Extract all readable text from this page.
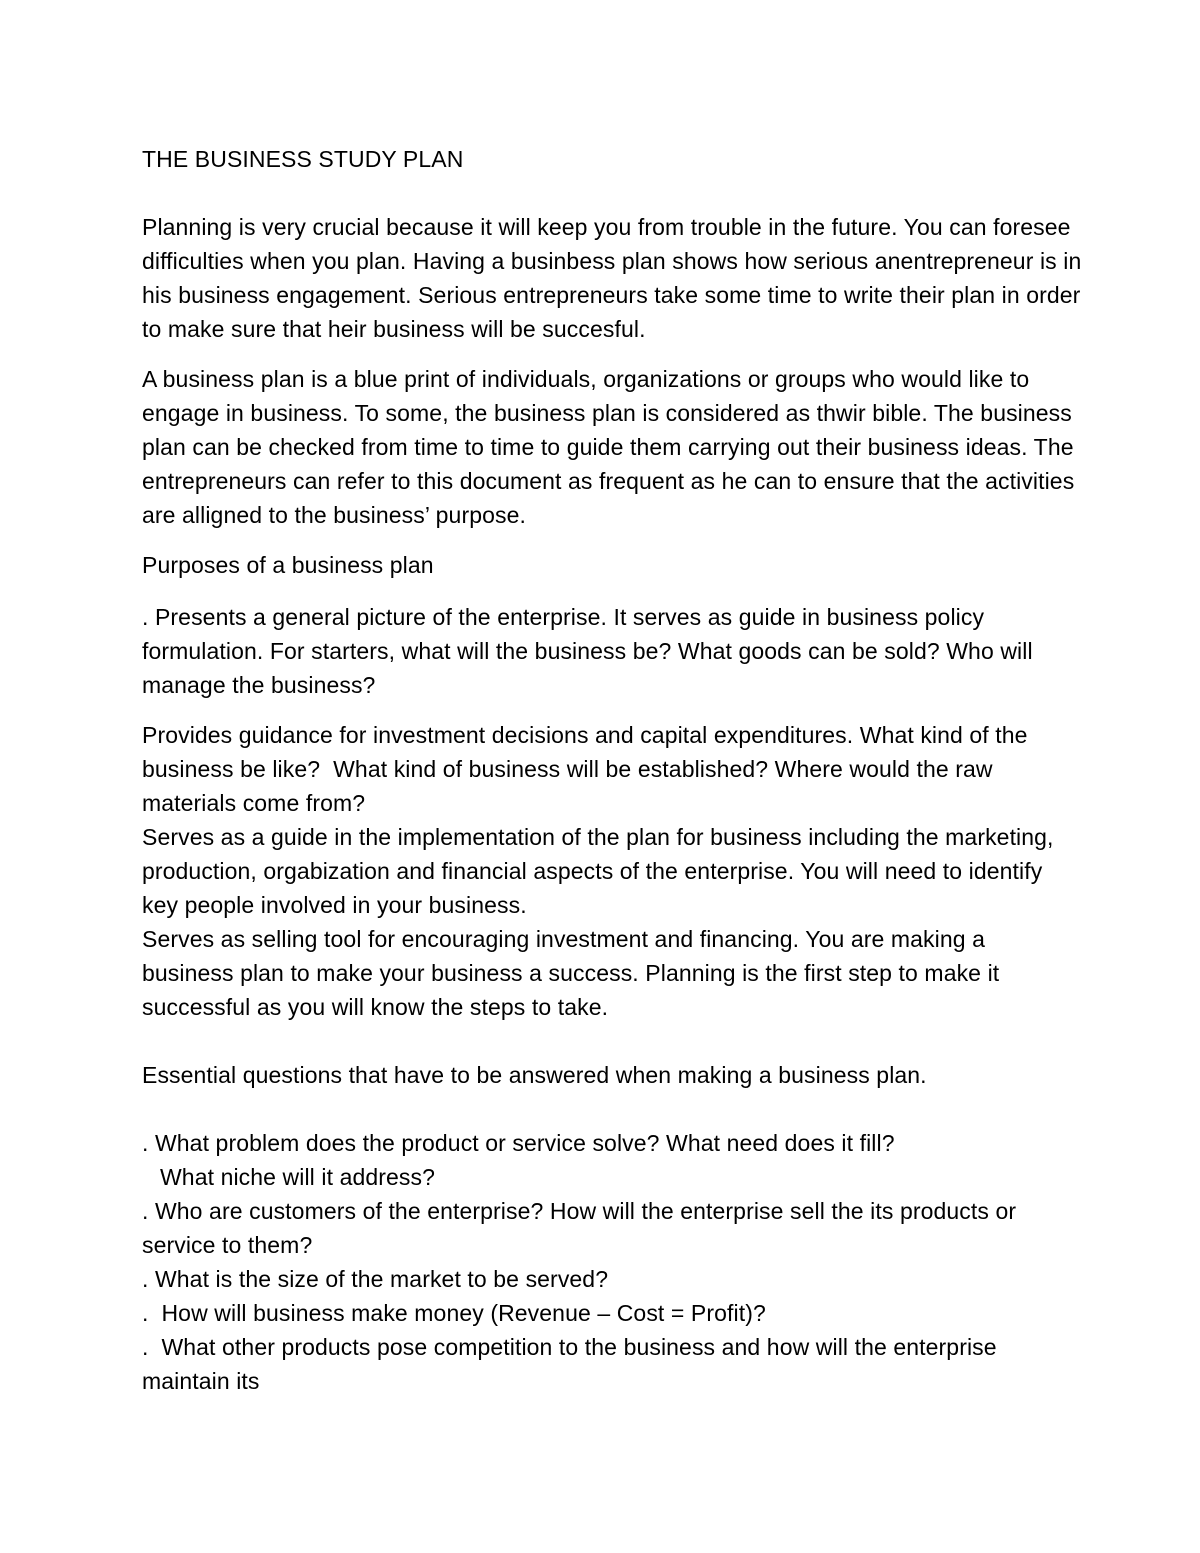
THE BUSINESS STUDY PLAN

Planning is very crucial because it will keep you from trouble in the future. You can foresee difficulties when you plan. Having a businbess plan shows how serious anentrepreneur is in his business engagement. Serious entrepreneurs take some time to write their plan in order to make sure that heir business will be succesful.

A business plan is a blue print of individuals, organizations or groups who would like to engage in business. To some, the business plan is considered as thwir bible. The business plan can be checked from time to time to guide them carrying out their business ideas. The entrepreneurs can refer to this document as frequent as he can to ensure that the activities are alligned to the business’ purpose.

Purposes of a business plan

. Presents a general picture of the enterprise. It serves as guide in business policy formulation. For starters, what will the business be? What goods can be sold? Who will manage the business?

Provides guidance for investment decisions and capital expenditures. What kind of the business be like?  What kind of business will be established? Where would the raw materials come from?

Serves as a guide in the implementation of the plan for business including the marketing, production, orgabization and financial aspects of the enterprise. You will need to identify key people involved in your business.

Serves as selling tool for encouraging investment and financing. You are making a business plan to make your business a success. Planning is the first step to make it successful as you will know the steps to take.

Essential questions that have to be answered when making a business plan.

. What problem does the product or service solve? What need does it fill?

What niche will it address?

. Who are customers of the enterprise? How will the enterprise sell the its products or service to them?

. What is the size of the market to be served?

.  How will business make money (Revenue – Cost = Profit)?

.  What other products pose competition to the business and how will the enterprise maintain its
